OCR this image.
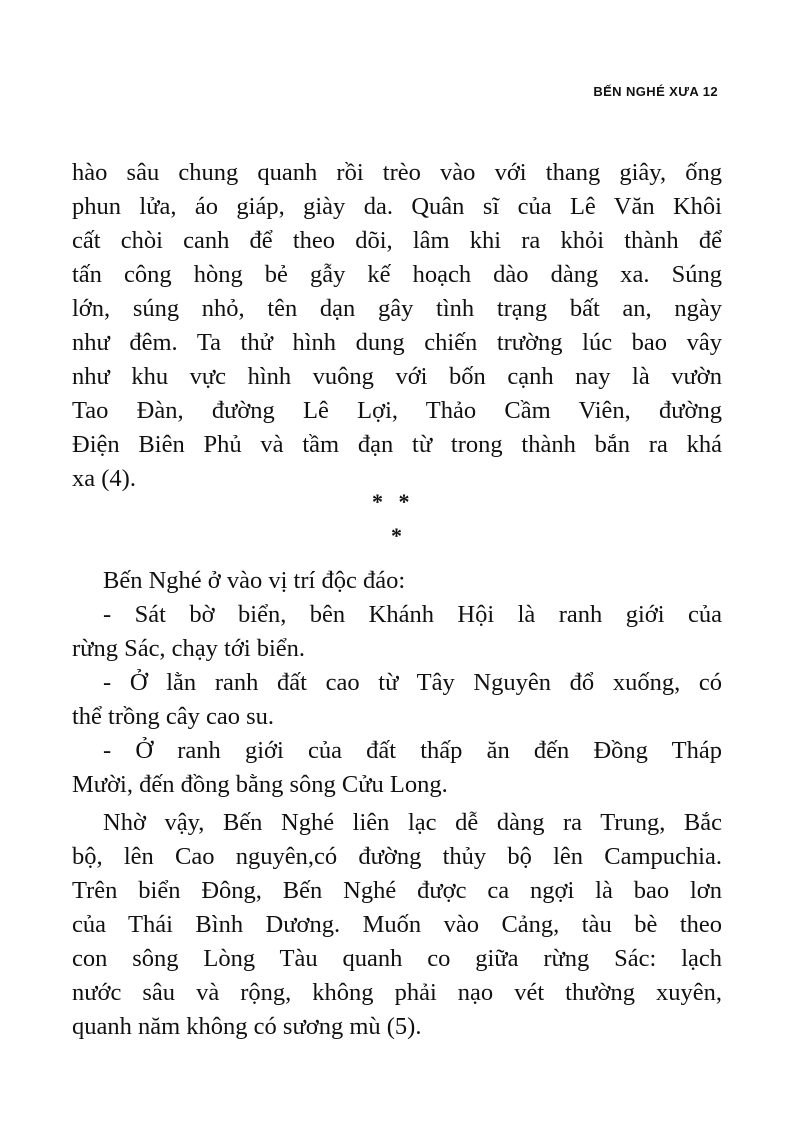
BẾN NGHÉ XƯA 12
hào sâu chung quanh rồi trèo vào với thang giây, ống
phun lửa, áo giáp, giày da. Quân sĩ của Lê Văn Khôi
cất chòi canh để theo dõi, lâm khi ra khỏi thành để
tấn công hòng bẻ gẫy kế hoạch dào dàng xa. Súng
lớn, súng nhỏ, tên dạn gây tình trạng bất an, ngày
như đêm. Ta thử hình dung chiến trường lúc bao vây
như khu vực hình vuông với bốn cạnh nay là vườn
Tao Đàn, đường Lê Lợi, Thảo Cầm Viên, đường
Điện Biên Phủ và tầm đạn từ trong thành bắn ra khá
xa (4).
* *
*
Bến Nghé ở vào vị trí độc đáo:
- Sát bờ biển, bên Khánh Hội là ranh giới của
rừng Sác, chạy tới biển.
- Ở lằn ranh đất cao từ Tây Nguyên đổ xuống, có
thể trồng cây cao su.
- Ở ranh giới của đất thấp ăn đến Đồng Tháp
Mười, đến đồng bằng sông Cửu Long.
Nhờ vậy, Bến Nghé liên lạc dễ dàng ra Trung, Bắc
bộ, lên Cao nguyên,có đường thủy bộ lên Campuchia.
Trên biển Đông, Bến Nghé được ca ngợi là bao lơn
của Thái Bình Dương. Muốn vào Cảng, tàu bè theo
con sông Lòng Tàu quanh co giữa rừng Sác: lạch
nước sâu và rộng, không phải nạo vét thường xuyên,
quanh năm không có sương mù (5).
